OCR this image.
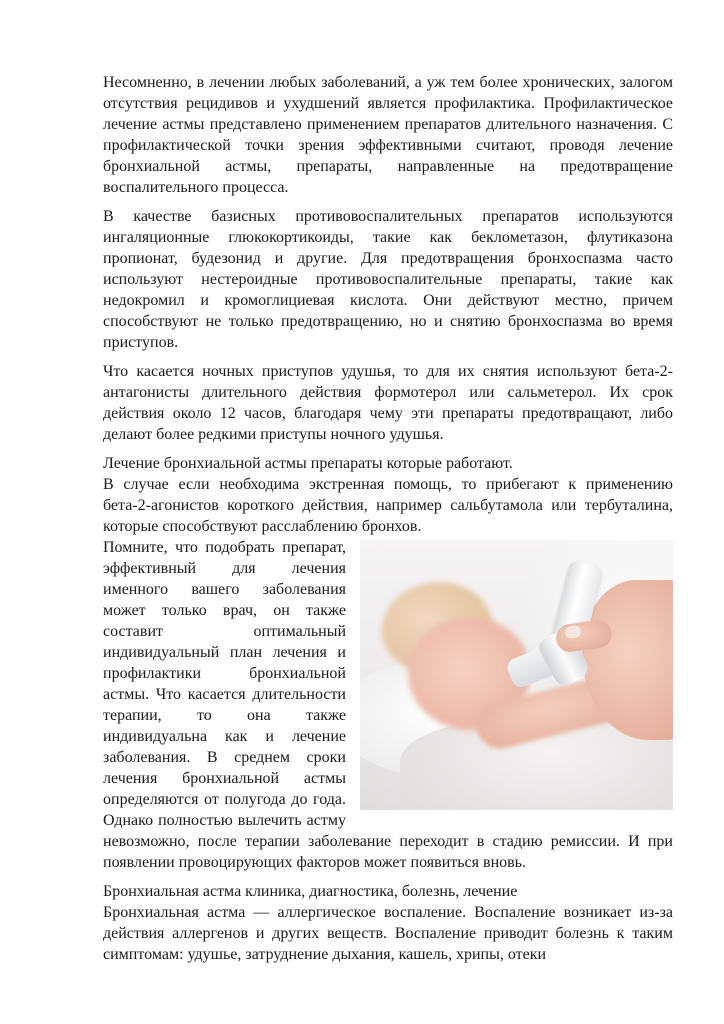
Несомненно, в лечении любых заболеваний, а уж тем более хронических, залогом отсутствия рецидивов и ухудшений является профилактика. Профилактическое лечение астмы представлено применением препаратов длительного назначения. С профилактической точки зрения эффективными считают, проводя лечение бронхиальной астмы, препараты, направленные на предотвращение воспалительного процесса.

В качестве базисных противовоспалительных препаратов используются ингаляционные глюкокортикоиды, такие как беклометазон, флутиказона пропионат, будезонид и другие. Для предотвращения бронхоспазма часто используют нестероидные противовоспалительные препараты, такие как недокромил и кромоглициевая кислота. Они действуют местно, причем способствуют не только предотвращению, но и снятию бронхоспазма во время приступов.

Что касается ночных приступов удушья, то для их снятия используют бета-2-антагонисты длительного действия формотерол или сальметерол. Их срок действия около 12 часов, благодаря чему эти препараты предотвращают, либо делают более редкими приступы ночного удушья.

Лечение бронхиальной астмы препараты которые работают.

В случае если необходима экстренная помощь, то прибегают к применению бета-2-агонистов короткого действия, например сальбутамола или тербуталина, которые способствуют расслаблению бронхов.

Помните, что подобрать препарат, эффективный для лечения именного вашего заболевания может только врач, он также составит оптимальный индивидуальный план лечения и профилактики бронхиальной астмы. Что касается длительности терапии, то она также индивидуальна как и лечение заболевания. В среднем сроки лечения бронхиальной астмы определяются от полугода до года. Однако полностью вылечить астму невозможно, после терапии заболевание переходит в стадию ремиссии. И при появлении провоцирующих факторов может появиться вновь.

Бронхиальная астма клиника, диагностика, болезнь, лечение

Бронхиальная астма — аллергическое воспаление. Воспаление возникает из-за действия аллергенов и других веществ. Воспаление приводит болезнь к таким симптомам: удушье, затруднение дыхания, кашель, хрипы, отеки
